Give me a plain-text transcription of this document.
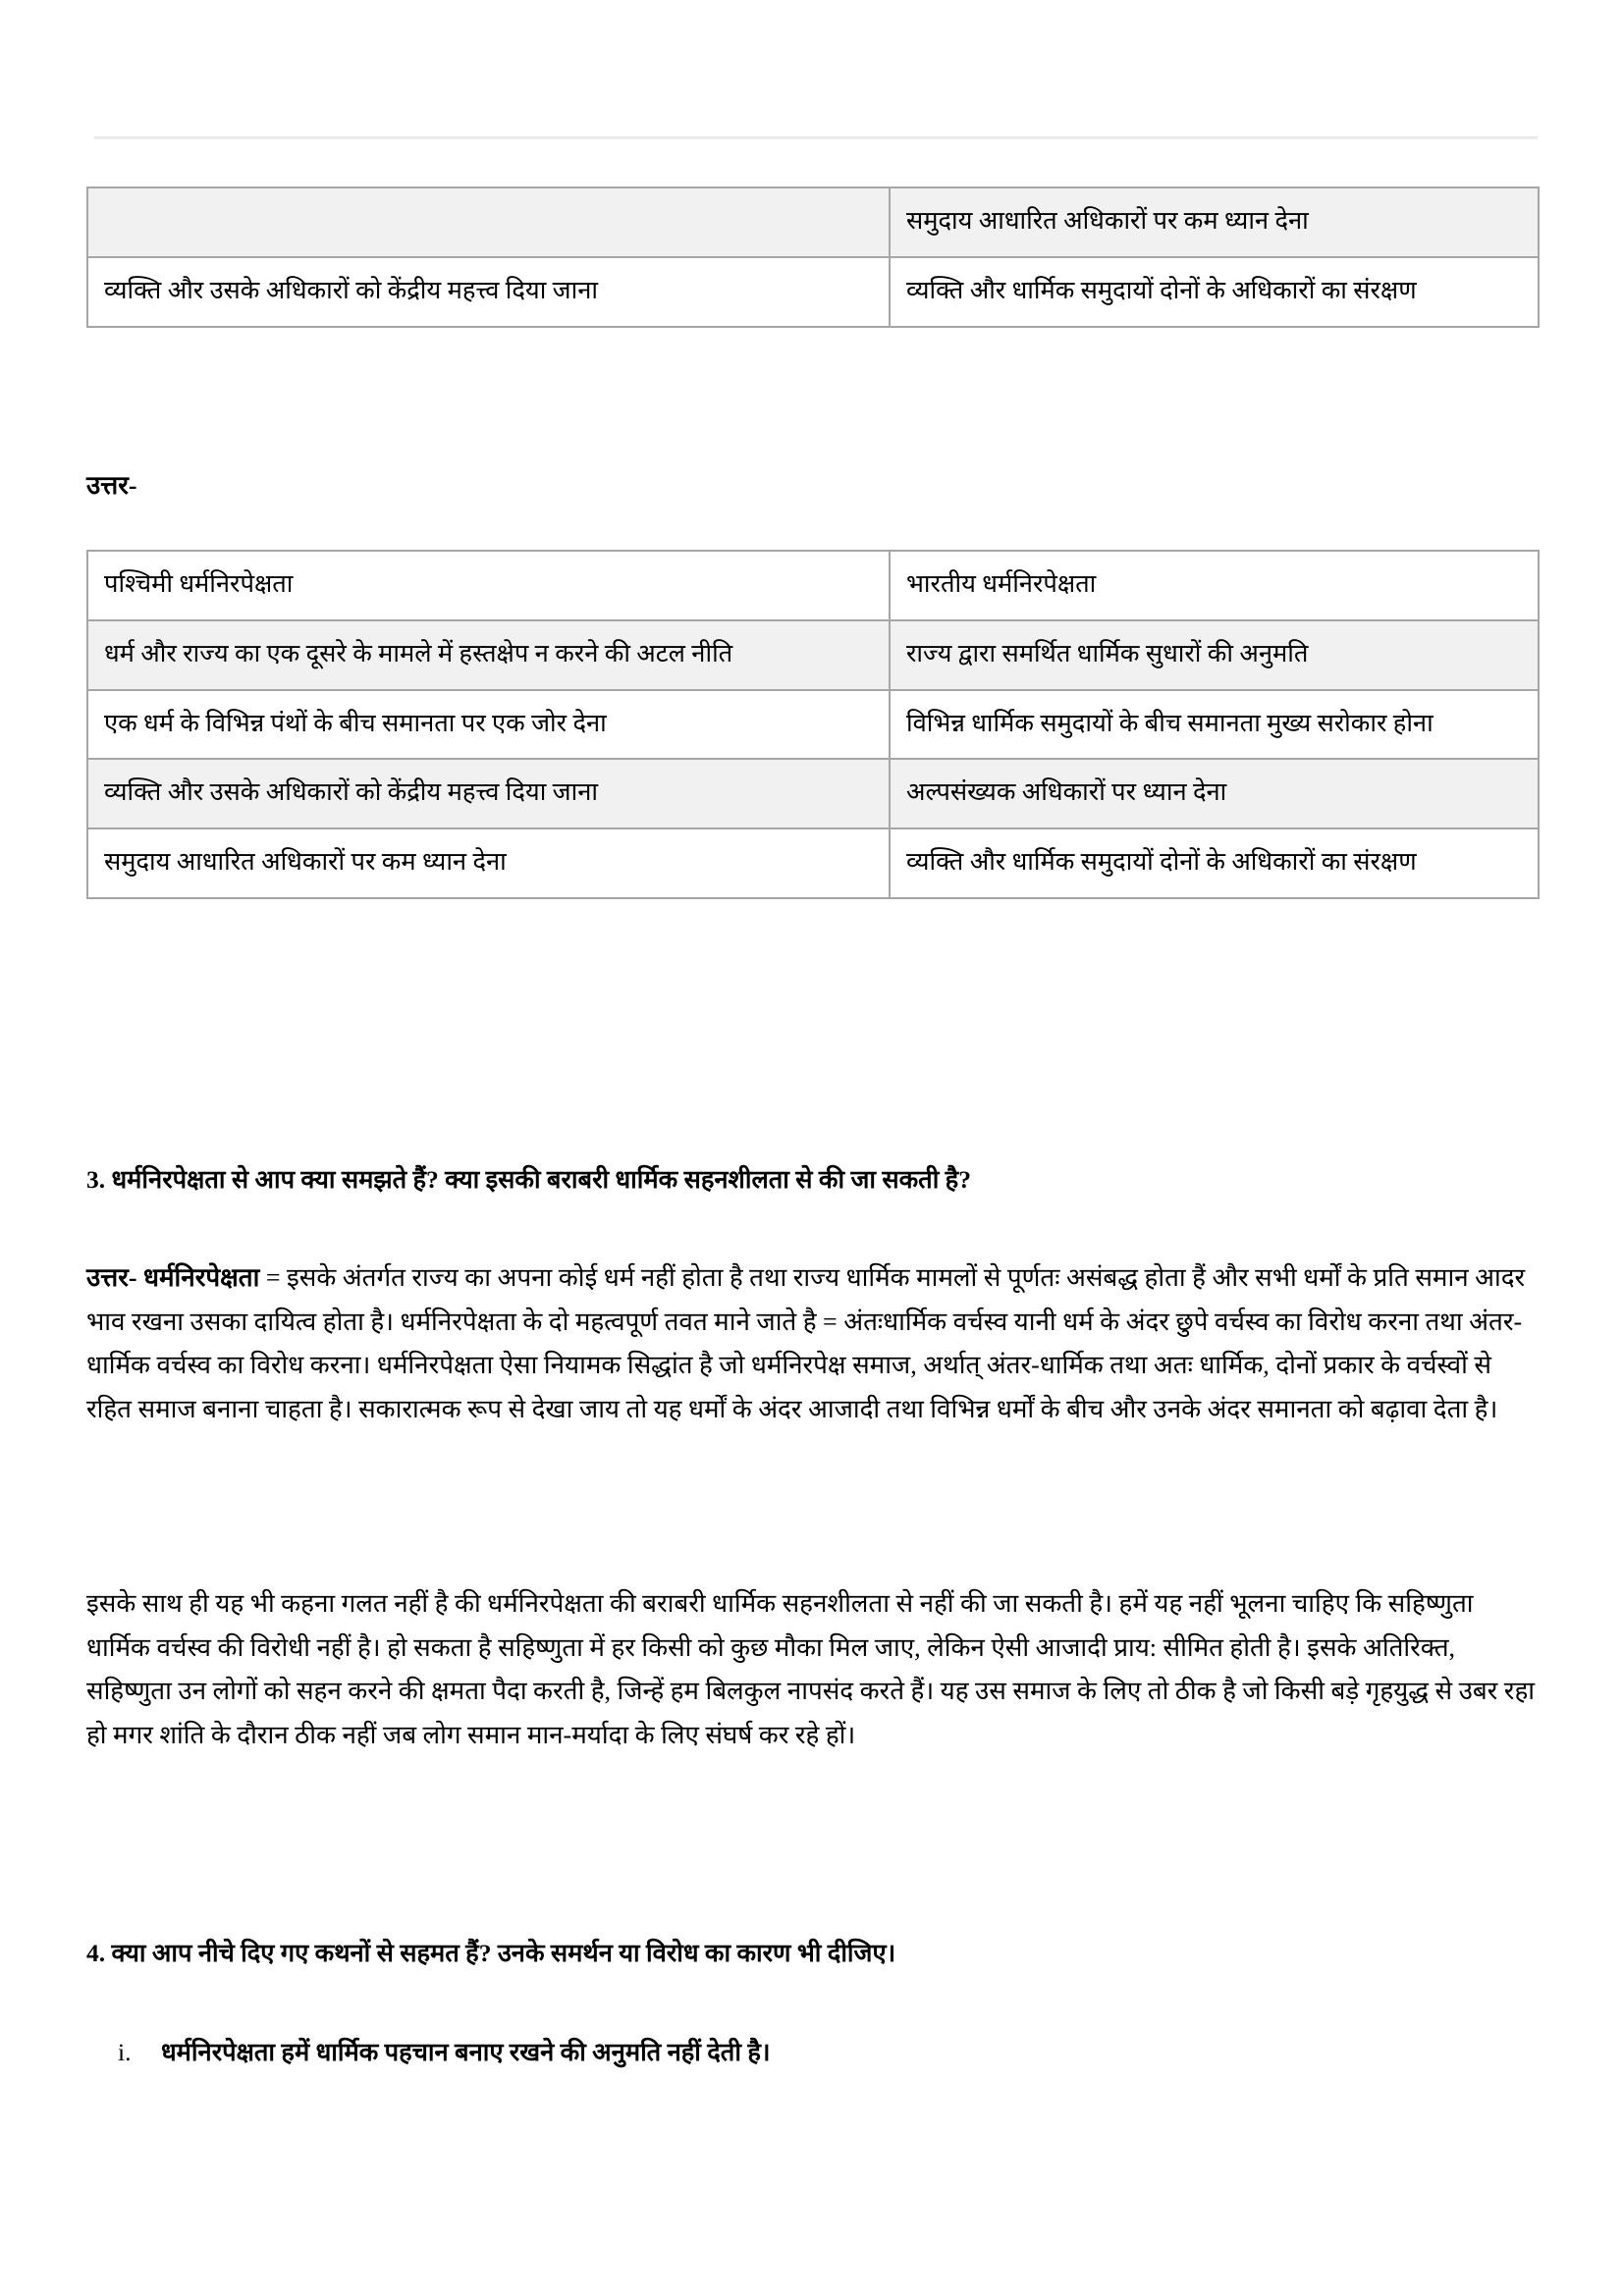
	समुदाय आधारित अधिकारों पर कम ध्यान देना
व्यक्ति और उसके अधिकारों को केंद्रीय महत्त्व दिया जाना	व्यक्ति और धार्मिक समुदायों दोनों के अधिकारों का संरक्षण
उत्तर-
पश्चिमी धर्मनिरपेक्षता	भारतीय धर्मनिरपेक्षता
धर्म और राज्य का एक दूसरे के मामले में हस्तक्षेप न करने की अटल नीति	राज्य द्वारा समर्थित धार्मिक सुधारों की अनुमति
एक धर्म के विभिन्न पंथों के बीच समानता पर एक जोर देना	विभिन्न धार्मिक समुदायों के बीच समानता मुख्य सरोकार होना
व्यक्ति और उसके अधिकारों को केंद्रीय महत्त्व दिया जाना	अल्पसंख्यक अधिकारों पर ध्यान देना
समुदाय आधारित अधिकारों पर कम ध्यान देना	व्यक्ति और धार्मिक समुदायों दोनों के अधिकारों का संरक्षण
3. धर्मनिरपेक्षता से आप क्या समझते हैं? क्या इसकी बराबरी धार्मिक सहनशीलता से की जा सकती है?
उत्तर- धर्मनिरपेक्षता = इसके अंतर्गत राज्य का अपना कोई धर्म नहीं होता है तथा राज्य धार्मिक मामलों से पूर्णतः असंबद्ध होता हैं और सभी धर्मों के प्रति समान आदर भाव रखना उसका दायित्व होता है। धर्मनिरपेक्षता के दो महत्वपूर्ण तवत माने जाते है = अंतःधार्मिक वर्चस्व यानी धर्म के अंदर छुपे वर्चस्व का विरोध करना तथा अंतर-धार्मिक वर्चस्व का विरोध करना। धर्मनिरपेक्षता ऐसा नियामक सिद्धांत है जो धर्मनिरपेक्ष समाज, अर्थात् अंतर-धार्मिक तथा अतः धार्मिक, दोनों प्रकार के वर्चस्वों से रहित समाज बनाना चाहता है। सकारात्मक रूप से देखा जाय तो यह धर्माें के अंदर आजादी तथा विभिन्न धर्मों के बीच और उनके अंदर समानता को बढ़ावा देता है।
इसके साथ ही यह भी कहना गलत नहीं है की धर्मनिरपेक्षता की बराबरी धार्मिक सहनशीलता से नहीं की जा सकती है। हमें यह नहीं भूलना चाहिए कि सहिष्णुता धार्मिक वर्चस्व की विरोधी नहीं है। हो सकता है सहिष्णुता में हर किसी को कुछ मौका मिल जाए, लेकिन ऐसी आजादी प्राय: सीमित होती है। इसके अतिरिक्त, सहिष्णुता उन लोगों को सहन करने की क्षमता पैदा करती है, जिन्हें हम बिलकुल नापसंद करते हैं। यह उस समाज के लिए तो ठीक है जो किसी बड़े गृहयुद्ध से उबर रहा हो मगर शांति के दौरान ठीक नहीं जब लोग समान मान-मर्यादा के लिए संघर्ष कर रहे हों।
4. क्या आप नीचे दिए गए कथनों से सहमत हैं? उनके समर्थन या विरोध का कारण भी दीजिए।
i. धर्मनिरपेक्षता हमें धार्मिक पहचान बनाए रखने की अनुमति नहीं देती है।
